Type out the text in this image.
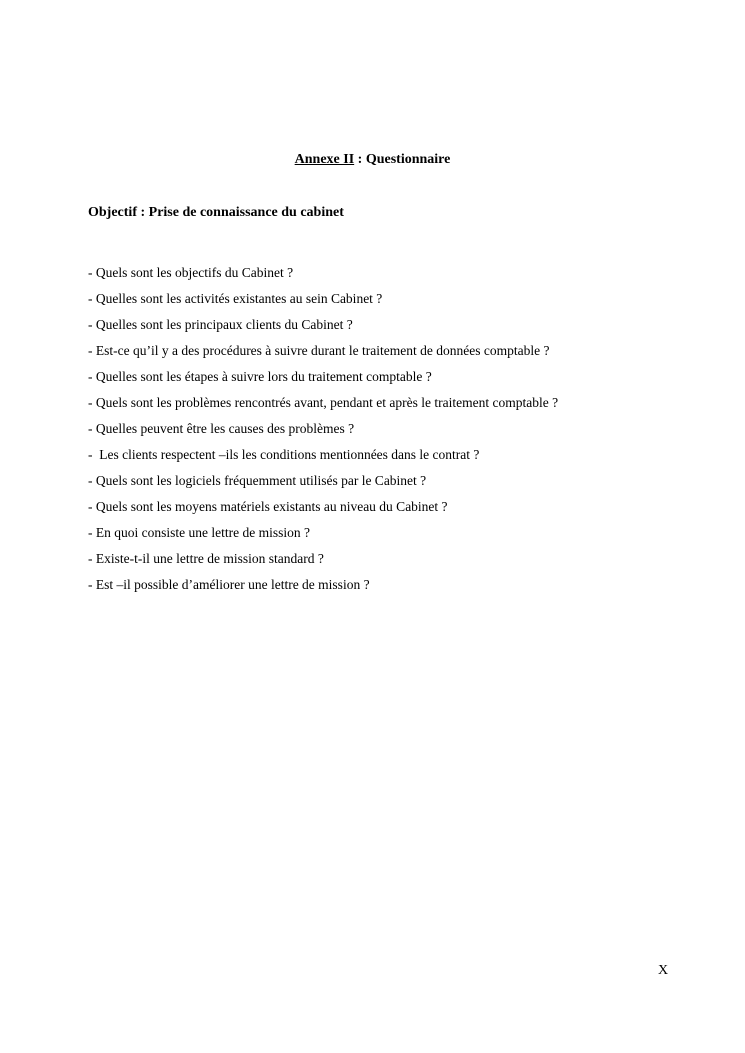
Annexe II : Questionnaire
Objectif : Prise de connaissance du cabinet
- Quels sont les objectifs du Cabinet ?
- Quelles sont les activités existantes au sein Cabinet ?
- Quelles sont les principaux clients du Cabinet ?
- Est-ce qu’il y a des procédures à suivre durant le traitement de données comptable ?
- Quelles sont les étapes à suivre lors du traitement comptable ?
- Quels sont les problèmes rencontrés avant, pendant et après le traitement comptable ?
- Quelles peuvent être les causes des problèmes ?
-  Les clients respectent –ils les conditions mentionnées dans le contrat ?
- Quels sont les logiciels fréquemment utilisés par le Cabinet ?
- Quels sont les moyens matériels existants au niveau du Cabinet ?
- En quoi consiste une lettre de mission ?
- Existe-t-il une lettre de mission standard ?
- Est –il possible d’améliorer une lettre de mission ?
X
